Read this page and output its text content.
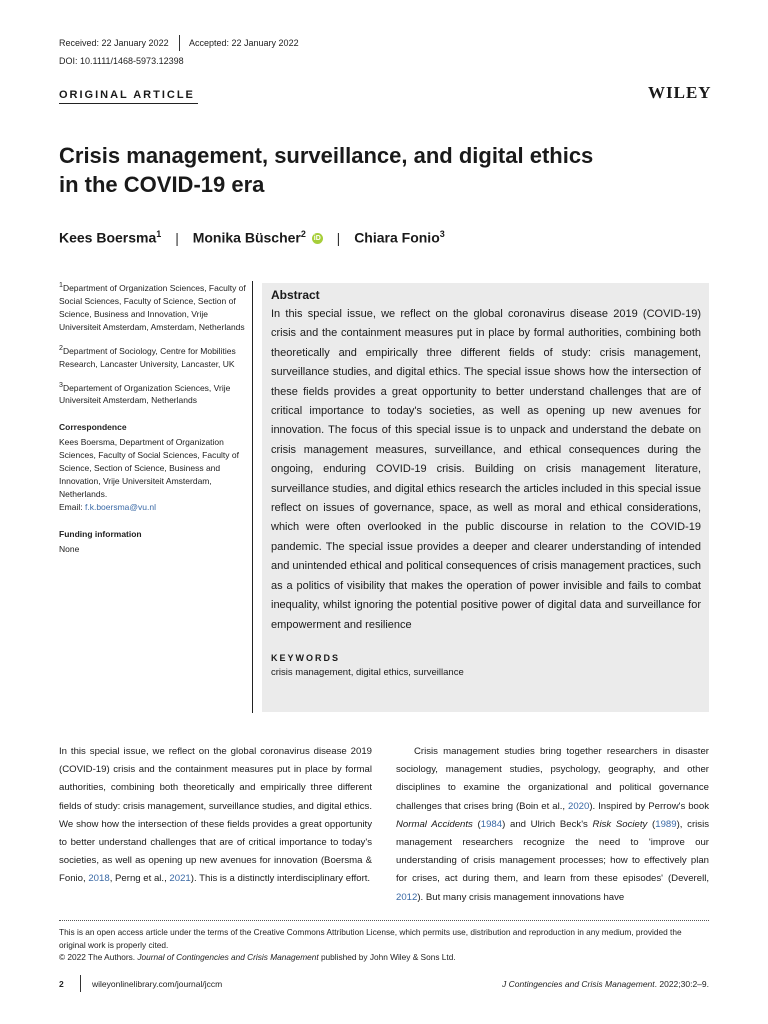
Received: 22 January 2022 Accepted: 22 January 2022
DOI: 10.1111/1468-5973.12398
ORIGINAL ARTICLE	WILEY
Crisis management, surveillance, and digital ethics
in the COVID-19 era
Kees Boersma$^1$ | Monika Büscher$^2$ iD | Chiara Fonio$^3$

$^1$Department of Organization Sciences, Faculty of Social Sciences, Faculty of Science, Section of Science, Business and Innovation, Vrije Universiteit Amsterdam, Amsterdam, Netherlands

$^2$Department of Sociology, Centre for Mobilities Research, Lancaster University, Lancaster, UK

$^3$Departement of Organization Sciences, Vrije Universiteit Amsterdam, Netherlands

Correspondence
Kees Boersma, Department of Organization Sciences, Faculty of Social Sciences, Faculty of Science, Section of Science, Business and Innovation, Vrije Universiteit Amsterdam, Netherlands.
Email: f.k.boersma@vu.nl
Funding information
None
Abstract

In this special issue, we reflect on the global coronavirus disease 2019 (COVID-19) crisis and the containment measures put in place by formal authorities, combining both theoretically and empirically three different fields of study: crisis management, surveillance studies, and digital ethics. The special issue shows how the intersection of these fields provides a great opportunity to better understand challenges that are of critical importance to today's societies, as well as opening up new avenues for innovation. The focus of this special issue is to unpack and understand the debate on crisis management measures, surveillance, and ethical consequences during the ongoing, enduring COVID-19 crisis. Building on crisis management literature, surveillance studies, and digital ethics research the articles included in this special issue reflect on issues of governance, space, as well as moral and ethical considerations, which were often overlooked in the public discourse in relation to the COVID-19 pandemic. The special issue provides a deeper and clearer understanding of intended and unintended ethical and political consequences of crisis management practices, such as a politics of visibility that makes the operation of power invisible and fails to combat inequality, whilst ignoring the potential positive power of digital data and surveillance for empowerment and resilience

KEYWORDS
crisis management, digital ethics, surveillance

In this special issue, we reflect on the global coronavirus disease 2019 (COVID-19) crisis and the containment measures put in place by formal authorities, combining both theoretically and empirically three different fields of study: crisis management, surveillance studies, and digital ethics. We show how the intersection of these fields provides a great opportunity to better understand challenges that are of critical importance to today's societies, as well as opening up new avenues for innovation (Boersma & Fonio, 2018, Perng et al., 2021). This is a distinctly interdisciplinary effort.

Crisis management studies bring together researchers in disaster sociology, management studies, psychology, geography, and other disciplines to examine the organizational and political governance challenges that crises bring (Boin et al., 2020). Inspired by Perrow's book Normal Accidents (1984) and Ulrich Beck's Risk Society (1989), crisis management researchers recognize the need to 'improve our understanding of crisis management processes; how to effectively plan for crises, act during them, and learn from these episodes' (Deverell, 2012). But many crisis management innovations have

This is an open access article under the terms of the Creative Commons Attribution License, which permits use, distribution and reproduction in any medium, provided the original work is properly cited.
© 2022 The Authors. Journal of Contingencies and Crisis Management published by John Wiley & Sons Ltd.
2	wileyonlinelibrary.com/journal/jccm	J Contingencies and Crisis Management. 2022;30:2–9.
